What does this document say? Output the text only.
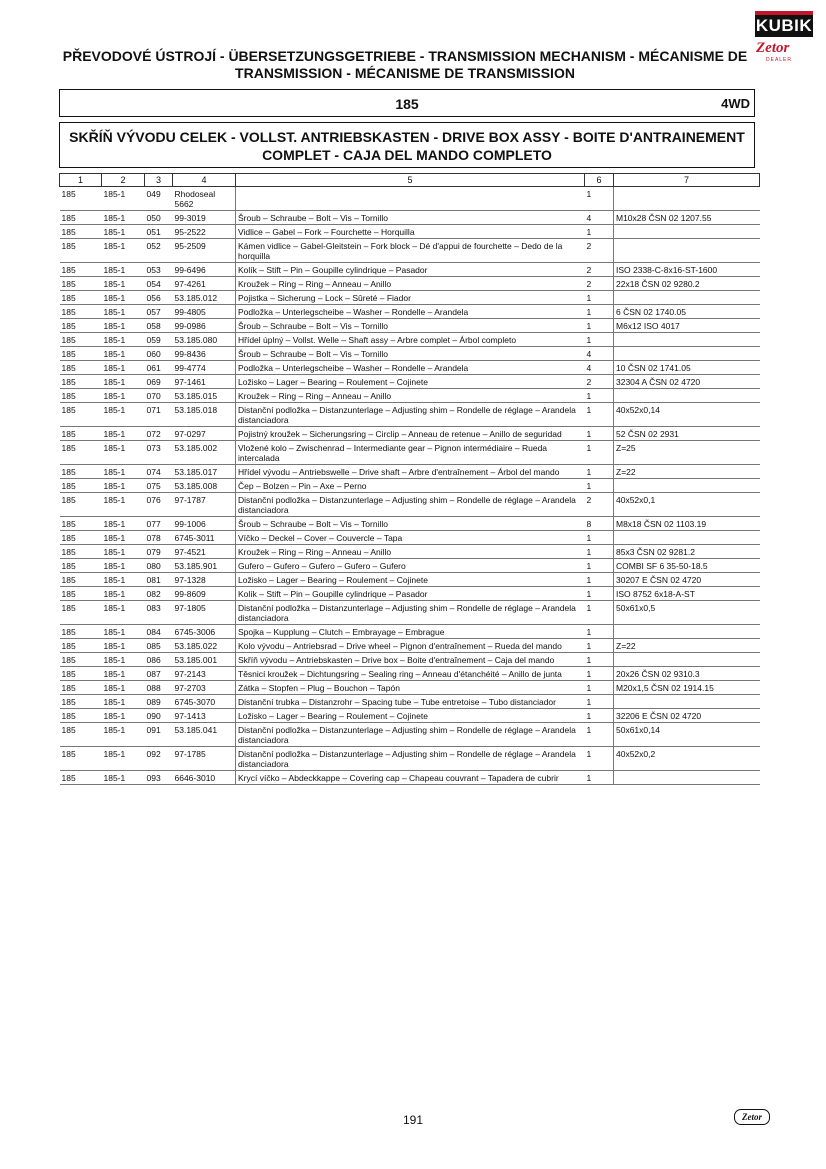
KUBIK
Zetor
DEALER
PŘEVODOVÉ ÚSTROJÍ - ÜBERSETZUNGSGETRIEBE - TRANSMISSION MECHANISM - MÉCANISME DE TRANSMISSION - MÉCANISME DE TRANSMISSION
185	4WD
SKŘÍŇ VÝVODU CELEK - VOLLST. ANTRIEBSKASTEN - DRIVE BOX ASSY - BOITE D'ANTRAINEMENT COMPLET - CAJA DEL MANDO COMPLETO
1	2	3	4	5	6	7
185	185-1	049	Rhodoseal 5662		1	
185	185-1	050	99-3019	Šroub – Schraube – Bolt – Vis – Tornillo	4	M10x28 ČSN 02 1207.55
185	185-1	051	95-2522	Vidlice – Gabel – Fork – Fourchette – Horquilla	1	
185	185-1	052	95-2509	Kámen vidlice – Gabel-Gleitstein – Fork block – Dé d'appui de fourchette – Dedo de la horquilla	2	
185	185-1	053	99-6496	Kolík – Stift – Pin – Goupille cylindrique – Pasador	2	ISO 2338-C-8x16-ST-1600
185	185-1	054	97-4261	Kroužek – Ring – Ring – Anneau – Anillo	2	22x18 ČSN 02 9280.2
185	185-1	056	53.185.012	Pojistka – Sicherung – Lock – Sûreté – Fiador	1	
185	185-1	057	99-4805	Podložka – Unterlegscheibe – Washer – Rondelle – Arandela	1	6 ČSN 02 1740.05
185	185-1	058	99-0986	Šroub – Schraube – Bolt – Vis – Tornillo	1	M6x12 ISO 4017
185	185-1	059	53.185.080	Hřídel úplný – Vollst. Welle – Shaft assy – Arbre complet – Árbol completo	1	
185	185-1	060	99-8436	Šroub – Schraube – Bolt – Vis – Tornillo	4	
185	185-1	061	99-4774	Podložka – Unterlegscheibe – Washer – Rondelle – Arandela	4	10 ČSN 02 1741.05
185	185-1	069	97-1461	Ložisko – Lager – Bearing – Roulement – Cojinete	2	32304 A ČSN 02 4720
185	185-1	070	53.185.015	Kroužek – Ring – Ring – Anneau – Anillo	1	
185	185-1	071	53.185.018	Distanční podložka – Distanzunterlage – Adjusting shim – Rondelle de réglage – Arandela distanciadora	1	40x52x0,14
185	185-1	072	97-0297	Pojistný kroužek – Sicherungsring – Circlip – Anneau de retenue – Anillo de seguridad	1	52 ČSN 02 2931
185	185-1	073	53.185.002	Vložené kolo – Zwischenrad – Intermediante gear – Pignon intermédiaire – Rueda intercalada	1	Z=25
185	185-1	074	53.185.017	Hřídel vývodu – Antriebswelle – Drive shaft – Arbre d'entraînement – Árbol del mando	1	Z=22
185	185-1	075	53.185.008	Čep – Bolzen – Pin – Axe – Perno	1	
185	185-1	076	97-1787	Distanční podložka – Distanzunterlage – Adjusting shim – Rondelle de réglage – Arandela distanciadora	2	40x52x0,1
185	185-1	077	99-1006	Šroub – Schraube – Bolt – Vis – Tornillo	8	M8x18 ČSN 02 1103.19
185	185-1	078	6745-3011	Víčko – Deckel – Cover – Couvercle – Tapa	1	
185	185-1	079	97-4521	Kroužek – Ring – Ring – Anneau – Anillo	1	85x3 ČSN 02 9281.2
185	185-1	080	53.185.901	Gufero – Gufero – Gufero – Gufero – Gufero	1	COMBI SF 6 35-50-18.5
185	185-1	081	97-1328	Ložisko – Lager – Bearing – Roulement – Cojinete	1	30207 E ČSN 02 4720
185	185-1	082	99-8609	Kolík – Stift – Pin – Goupille cylindrique – Pasador	1	ISO 8752 6x18-A-ST
185	185-1	083	97-1805	Distanční podložka – Distanzunterlage – Adjusting shim – Rondelle de réglage – Arandela distanciadora	1	50x61x0,5
185	185-1	084	6745-3006	Spojka – Kupplung – Clutch – Embrayage – Embrague	1	
185	185-1	085	53.185.022	Kolo vývodu – Antriebsrad – Drive wheel – Pignon d'entraînement – Rueda del mando	1	Z=22
185	185-1	086	53.185.001	Skříň vývodu – Antriebskasten – Drive box – Boite d'entraînement – Caja del mando	1	
185	185-1	087	97-2143	Těsnicí kroužek – Dichtungsring – Sealing ring – Anneau d'étanchéité – Anillo de junta	1	20x26 ČSN 02 9310.3
185	185-1	088	97-2703	Zátka – Stopfen – Plug – Bouchon – Tapón	1	M20x1,5 ČSN 02 1914.15
185	185-1	089	6745-3070	Distanční trubka – Distanzrohr – Spacing tube – Tube entretoise – Tubo distanciador	1	
185	185-1	090	97-1413	Ložisko – Lager – Bearing – Roulement – Cojinete	1	32206 E ČSN 02 4720
185	185-1	091	53.185.041	Distanční podložka – Distanzunterlage – Adjusting shim – Rondelle de réglage – Arandela distanciadora	1	50x61x0,14
185	185-1	092	97-1785	Distanční podložka – Distanzunterlage – Adjusting shim – Rondelle de réglage – Arandela distanciadora	1	40x52x0,2
185	185-1	093	6646-3010	Krycí víčko – Abdeckkappe – Covering cap – Chapeau couvrant – Tapadera de cubrir	1	
191	Zetor
